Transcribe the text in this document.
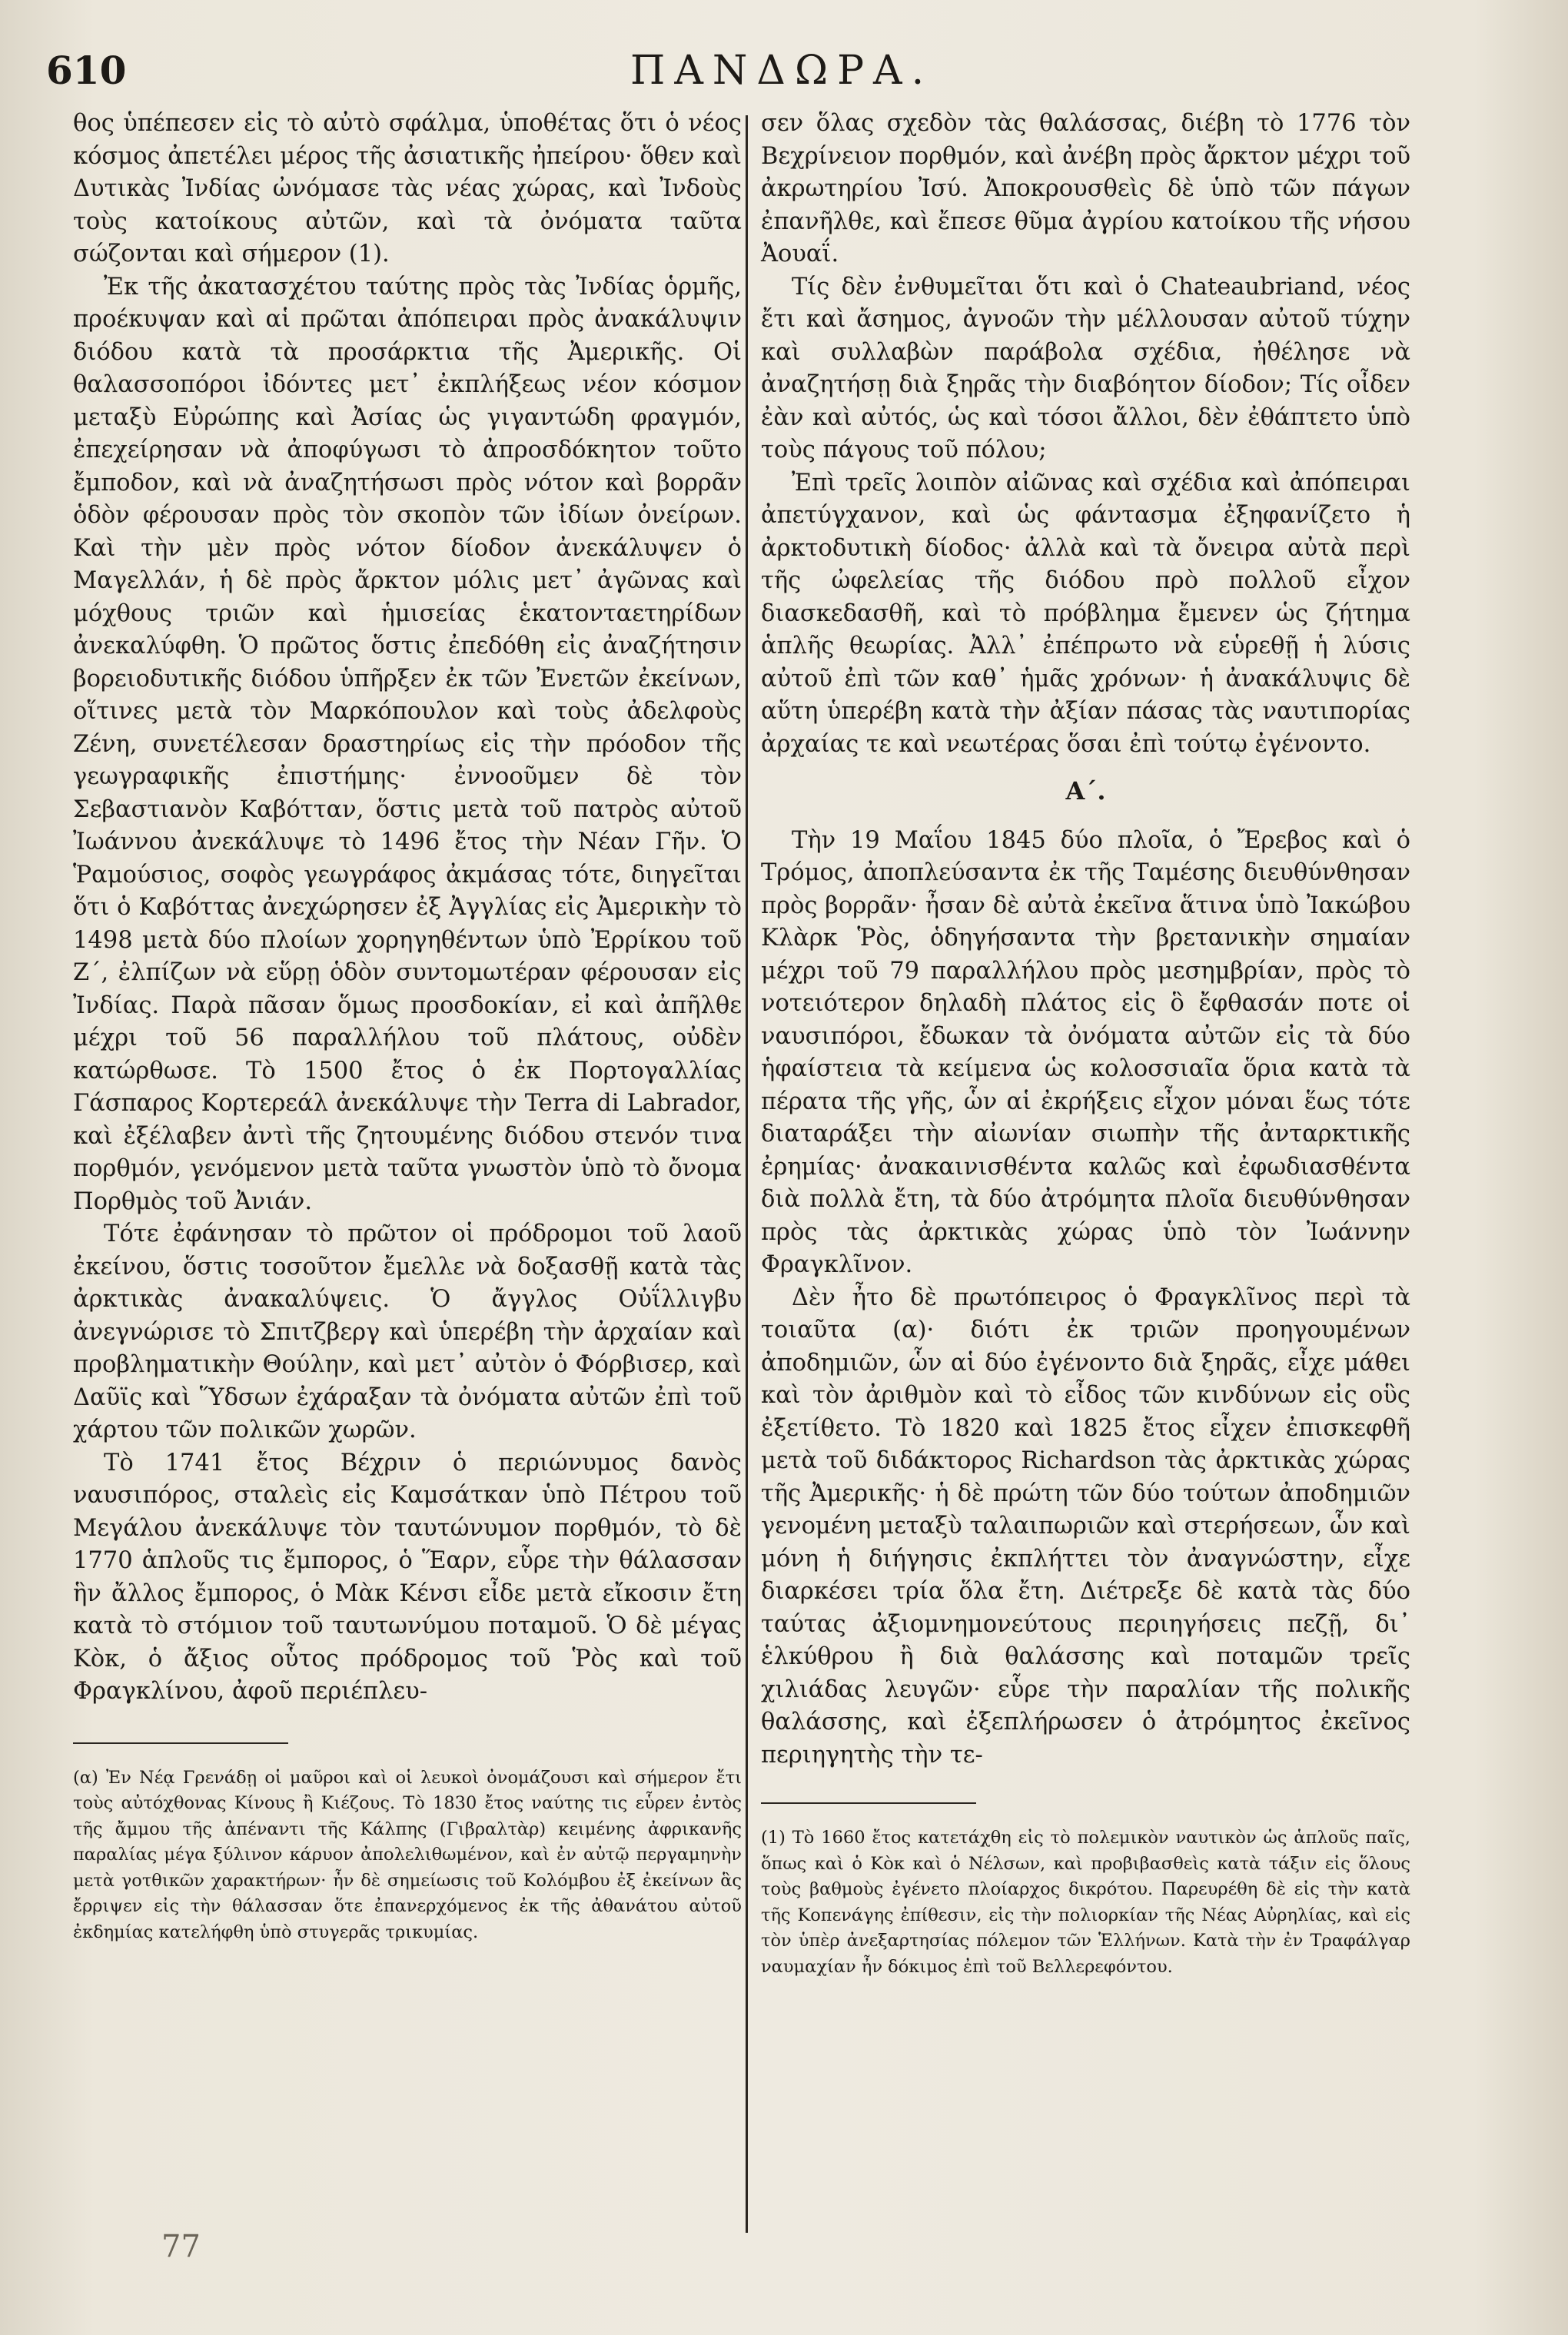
610	ΠΑΝΔΩΡΑ.

θος ὑπέπεσεν εἰς τὸ αὐτὸ σφάλμα, ὑποθέτας ὅτι ὁ νέος κόσμος ἀπετέλει μέρος τῆς ἀσιατικῆς ἠπείρου· ὅθεν καὶ Δυτικὰς Ἰνδίας ὠνόμασε τὰς νέας χώρας, καὶ Ἰνδοὺς τοὺς κατοίκους αὐτῶν, καὶ τὰ ὀνόματα ταῦτα σώζονται καὶ σήμερον (1).

Ἐκ τῆς ἀκατασχέτου ταύτης πρὸς τὰς Ἰνδίας ὁρμῆς, προέκυψαν καὶ αἱ πρῶται ἀπόπειραι πρὸς ἀνακάλυψιν διόδου κατὰ τὰ προσάρκτια τῆς Ἀμερικῆς. Οἱ θαλασσοπόροι ἰδόντες μετ᾽ ἐκπλήξεως νέον κόσμον μεταξὺ Εὐρώπης καὶ Ἀσίας ὡς γιγαντώδη φραγμόν, ἐπεχείρησαν νὰ ἀποφύγωσι τὸ ἀπροσδόκητον τοῦτο ἔμποδον, καὶ νὰ ἀναζητήσωσι πρὸς νότον καὶ βορρᾶν ὁδὸν φέρουσαν πρὸς τὸν σκοπὸν τῶν ἰδίων ὀνείρων. Καὶ τὴν μὲν πρὸς νότον δίοδον ἀνεκάλυψεν ὁ Μαγελλάν, ἡ δὲ πρὸς ἄρκτον μόλις μετ᾽ ἀγῶνας καὶ μόχθους τριῶν καὶ ἡμισείας ἑκατονταετηρίδων ἀνεκαλύφθη. Ὁ πρῶτος ὅστις ἐπεδόθη εἰς ἀναζήτησιν βορειοδυτικῆς διόδου ὑπῆρξεν ἐκ τῶν Ἐνετῶν ἐκείνων, οἵτινες μετὰ τὸν Μαρκόπουλον καὶ τοὺς ἀδελφοὺς Ζένη, συνετέλεσαν δραστηρίως εἰς τὴν πρόοδον τῆς γεωγραφικῆς ἐπιστήμης· ἐννοοῦμεν δὲ τὸν Σεβαστιανὸν Καβότταν, ὅστις μετὰ τοῦ πατρὸς αὐτοῦ Ἰωάννου ἀνεκάλυψε τὸ 1496 ἔτος τὴν Νέαν Γῆν. Ὁ Ῥαμούσιος, σοφὸς γεωγράφος ἀκμάσας τότε, διηγεῖται ὅτι ὁ Καβόττας ἀνεχώρησεν ἐξ Ἀγγλίας εἰς Ἀμερικὴν τὸ 1498 μετὰ δύο πλοίων χορηγηθέντων ὑπὸ Ἐρρίκου τοῦ Ζ΄, ἐλπίζων νὰ εὕρῃ ὁδὸν συντομωτέραν φέρουσαν εἰς Ἰνδίας. Παρὰ πᾶσαν ὅμως προσδοκίαν, εἰ καὶ ἀπῆλθε μέχρι τοῦ 56 παραλλήλου τοῦ πλάτους, οὐδὲν κατώρθωσε. Τὸ 1500 ἔτος ὁ ἐκ Πορτογαλλίας Γάσπαρος Κορτερεάλ ἀνεκάλυψε τὴν Terra di Labrador, καὶ ἐξέλαβεν ἀντὶ τῆς ζητουμένης διόδου στενόν τινα πορθμόν, γενόμενον μετὰ ταῦτα γνωστὸν ὑπὸ τὸ ὄνομα Πορθμὸς τοῦ Ἀνιάν.

Τότε ἐφάνησαν τὸ πρῶτον οἱ πρόδρομοι τοῦ λαοῦ ἐκείνου, ὅστις τοσοῦτον ἔμελλε νὰ δοξασθῇ κατὰ τὰς ἀρκτικὰς ἀνακαλύψεις. Ὁ ἄγγλος Οὐΐλλιγβυ ἀνεγνώρισε τὸ Σπιτζβεργ καὶ ὑπερέβη τὴν ἀρχαίαν καὶ προβληματικὴν Θούλην, καὶ μετ᾽ αὐτὸν ὁ Φόρβισερ, καὶ Δαῦϊς καὶ Ὕδσων ἐχάραξαν τὰ ὀνόματα αὐτῶν ἐπὶ τοῦ χάρτου τῶν πολικῶν χωρῶν.

Τὸ 1741 ἔτος Βέχριν ὁ περιώνυμος δανὸς ναυσιπόρος, σταλεὶς εἰς Καμσάτκαν ὑπὸ Πέτρου τοῦ Μεγάλου ἀνεκάλυψε τὸν ταυτώνυμον πορθμόν, τὸ δὲ 1770 ἁπλοῦς τις ἔμπορος, ὁ Ἕαρν, εὗρε τὴν θάλασσαν ἣν ἄλλος ἔμπορος, ὁ Μὰκ Κένσι εἶδε μετὰ εἴκοσιν ἔτη κατὰ τὸ στόμιον τοῦ ταυτωνύμου ποταμοῦ. Ὁ δὲ μέγας Κὸκ, ὁ ἄξιος οὗτος πρόδρομος τοῦ Ῥὸς καὶ τοῦ Φραγκλίνου, ἀφοῦ περιέπλευ-

(α) Ἐν Νέᾳ Γρενάδῃ οἱ μαῦροι καὶ οἱ λευκοὶ ὀνομάζουσι καὶ σήμερον ἔτι τοὺς αὐτόχθονας Κίνους ἢ Κιέζους. Τὸ 1830 ἔτος ναύτης τις εὗρεν ἐντὸς τῆς ἄμμου τῆς ἀπέναντι τῆς Κάλπης (Γιβραλτὰρ) κειμένης ἀφρικανῆς παραλίας μέγα ξύλινον κάρυον ἀπολελιθωμένον, καὶ ἐν αὐτῷ περγαμηνὴν μετὰ γοτθικῶν χαρακτήρων· ἦν δὲ σημείωσις τοῦ Κολόμβου ἐξ ἐκείνων ἃς ἔρριψεν εἰς τὴν θάλασσαν ὅτε ἐπανερχόμενος ἐκ τῆς ἀθανάτου αὐτοῦ ἐκδημίας κατελήφθη ὑπὸ στυγερᾶς τρικυμίας.

σεν ὅλας σχεδὸν τὰς θαλάσσας, διέβη τὸ 1776 τὸν Βεχρίνειον πορθμόν, καὶ ἀνέβη πρὸς ἄρκτον μέχρι τοῦ ἀκρωτηρίου Ἰσύ. Ἀποκρουσθεὶς δὲ ὑπὸ τῶν πάγων ἐπανῆλθε, καὶ ἔπεσε θῦμα ἀγρίου κατοίκου τῆς νήσου Ἀουαΐ.

Τίς δὲν ἐνθυμεῖται ὅτι καὶ ὁ Chateaubriand, νέος ἔτι καὶ ἄσημος, ἀγνοῶν τὴν μέλλουσαν αὐτοῦ τύχην καὶ συλλαβὼν παράβολα σχέδια, ἠθέλησε νὰ ἀναζητήσῃ διὰ ξηρᾶς τὴν διαβόητον δίοδον; Τίς οἶδεν ἐὰν καὶ αὐτός, ὡς καὶ τόσοι ἄλλοι, δὲν ἐθάπτετο ὑπὸ τοὺς πάγους τοῦ πόλου;

Ἐπὶ τρεῖς λοιπὸν αἰῶνας καὶ σχέδια καὶ ἀπόπειραι ἀπετύγχανον, καὶ ὡς φάντασμα ἐξηφανίζετο ἡ ἀρκτοδυτικὴ δίοδος· ἀλλὰ καὶ τὰ ὄνειρα αὐτὰ περὶ τῆς ὠφελείας τῆς διόδου πρὸ πολλοῦ εἶχον διασκεδασθῆ, καὶ τὸ πρόβλημα ἔμενεν ὡς ζήτημα ἁπλῆς θεωρίας. Ἀλλ᾽ ἐπέπρωτο νὰ εὑρεθῇ ἡ λύσις αὐτοῦ ἐπὶ τῶν καθ᾽ ἡμᾶς χρόνων· ἡ ἀνακάλυψις δὲ αὕτη ὑπερέβη κατὰ τὴν ἀξίαν πάσας τὰς ναυτιπορίας ἀρχαίας τε καὶ νεωτέρας ὅσαι ἐπὶ τούτῳ ἐγένοντο.

Α΄.

Τὴν 19 Μαΐου 1845 δύο πλοῖα, ὁ Ἔρεβος καὶ ὁ Τρόμος, ἀποπλεύσαντα ἐκ τῆς Ταμέσης διευθύνθησαν πρὸς βορρᾶν· ἦσαν δὲ αὐτὰ ἐκεῖνα ἅτινα ὑπὸ Ἰακώβου Κλὰρκ Ῥὸς, ὁδηγήσαντα τὴν βρετανικὴν σημαίαν μέχρι τοῦ 79 παραλλήλου πρὸς μεσημβρίαν, πρὸς τὸ νοτειότερον δηλαδὴ πλάτος εἰς ὃ ἔφθασάν ποτε οἱ ναυσιπόροι, ἔδωκαν τὰ ὀνόματα αὐτῶν εἰς τὰ δύο ἡφαίστεια τὰ κείμενα ὡς κολοσσιαῖα ὅρια κατὰ τὰ πέρατα τῆς γῆς, ὧν αἱ ἐκρήξεις εἶχον μόναι ἕως τότε διαταράξει τὴν αἰωνίαν σιωπὴν τῆς ἀνταρκτικῆς ἐρημίας· ἀνακαινισθέντα καλῶς καὶ ἐφωδιασθέντα διὰ πολλὰ ἔτη, τὰ δύο ἀτρόμητα πλοῖα διευθύνθησαν πρὸς τὰς ἀρκτικὰς χώρας ὑπὸ τὸν Ἰωάννην Φραγκλῖνον.

Δὲν ἦτο δὲ πρωτόπειρος ὁ Φραγκλῖνος περὶ τὰ τοιαῦτα (α)· διότι ἐκ τριῶν προηγουμένων ἀποδημιῶν, ὧν αἱ δύο ἐγένοντο διὰ ξηρᾶς, εἶχε μάθει καὶ τὸν ἀριθμὸν καὶ τὸ εἶδος τῶν κινδύνων εἰς οὓς ἐξετίθετο. Τὸ 1820 καὶ 1825 ἔτος εἶχεν ἐπισκεφθῆ μετὰ τοῦ διδάκτορος Richardson τὰς ἀρκτικὰς χώρας τῆς Ἀμερικῆς· ἡ δὲ πρώτη τῶν δύο τούτων ἀποδημιῶν γενομένη μεταξὺ ταλαιπωριῶν καὶ στερήσεων, ὧν καὶ μόνη ἡ διήγησις ἐκπλήττει τὸν ἀναγνώστην, εἶχε διαρκέσει τρία ὅλα ἔτη. Διέτρεξε δὲ κατὰ τὰς δύο ταύτας ἀξιομνημονεύτους περιηγήσεις πεζῇ, δι᾽ ἑλκύθρου ἢ διὰ θαλάσσης καὶ ποταμῶν τρεῖς χιλιάδας λευγῶν· εὗρε τὴν παραλίαν τῆς πολικῆς θαλάσσης, καὶ ἐξεπλήρωσεν ὁ ἀτρόμητος ἐκεῖνος περιηγητὴς τὴν τε-

(1) Τὸ 1660 ἔτος κατετάχθη εἰς τὸ πολεμικὸν ναυτικὸν ὡς ἁπλοῦς παῖς, ὅπως καὶ ὁ Κὸκ καὶ ὁ Νέλσων, καὶ προβιβασθεὶς κατὰ τάξιν εἰς ὅλους τοὺς βαθμοὺς ἐγένετο πλοίαρχος δικρότου. Παρευρέθη δὲ εἰς τὴν κατὰ τῆς Κοπενάγης ἐπίθεσιν, εἰς τὴν πολιορκίαν τῆς Νέας Αὐρηλίας, καὶ εἰς τὸν ὑπὲρ ἀνεξαρτησίας πόλεμον τῶν Ἑλλήνων. Κατὰ τὴν ἐν Τραφάλγαρ ναυμαχίαν ἦν δόκιμος ἐπὶ τοῦ Βελλερεφόντου.

77
